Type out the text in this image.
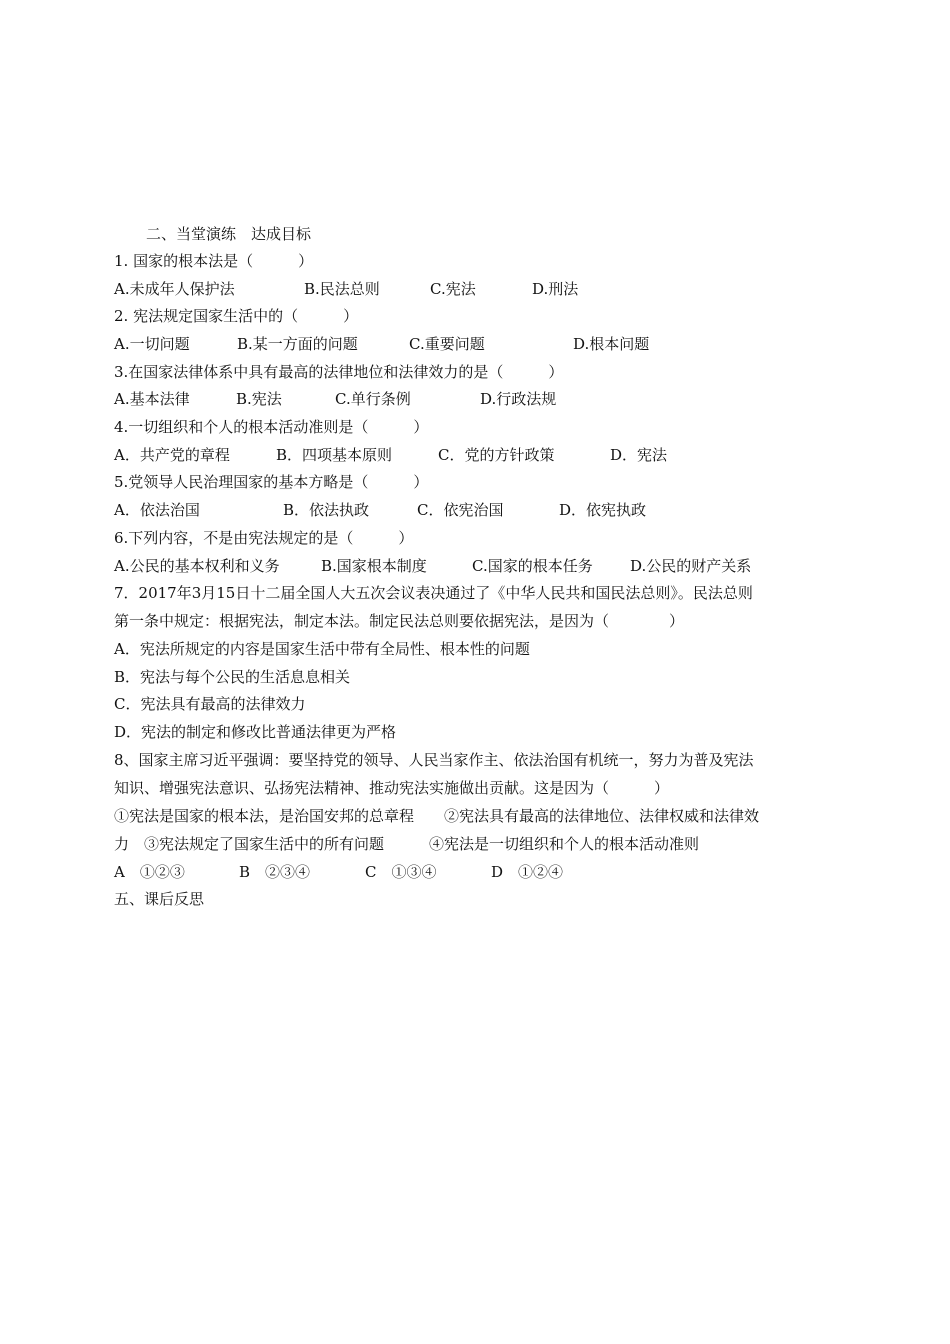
二、当堂演练　达成目标
1. 国家的根本法是（　　　）
A.未成年人保护法	B.民法总则	C.宪法	D.刑法
2. 宪法规定国家生活中的（　　　）
A.一切问题	B.某一方面的问题	C.重要问题	D.根本问题
3.在国家法律体系中具有最高的法律地位和法律效力的是（　　　）
A.基本法律	B.宪法	C.单行条例	D.行政法规
4.一切组织和个人的根本活动准则是（　　　）
A．共产党的章程	B．四项基本原则	C．党的方针政策	D．宪法
5.党领导人民治理国家的基本方略是（　　　）
A．依法治国	B．依法执政	C．依宪治国	D．依宪执政
6.下列内容，不是由宪法规定的是（　　　）
A.公民的基本权利和义务	B.国家根本制度	C.国家的根本任务	D.公民的财产关系
7．2017年3月15日十二届全国人大五次会议表决通过了《中华人民共和国民法总则》。民法总则
第一条中规定：根据宪法，制定本法。制定民法总则要依据宪法，是因为（　　　　）
A．宪法所规定的内容是国家生活中带有全局性、根本性的问题
B．宪法与每个公民的生活息息相关
C．宪法具有最高的法律效力
D．宪法的制定和修改比普通法律更为严格
8、国家主席习近平强调：要坚持党的领导、人民当家作主、依法治国有机统一，努力为普及宪法
知识、增强宪法意识、弘扬宪法精神、推动宪法实施做出贡献。这是因为（　　　）
①宪法是国家的根本法，是治国安邦的总章程　　②宪法具有最高的法律地位、法律权威和法律效
力　③宪法规定了国家生活中的所有问题　　　④宪法是一切组织和个人的根本活动准则
A　①②③	B　②③④	C　①③④	D　①②④
五、课后反思
